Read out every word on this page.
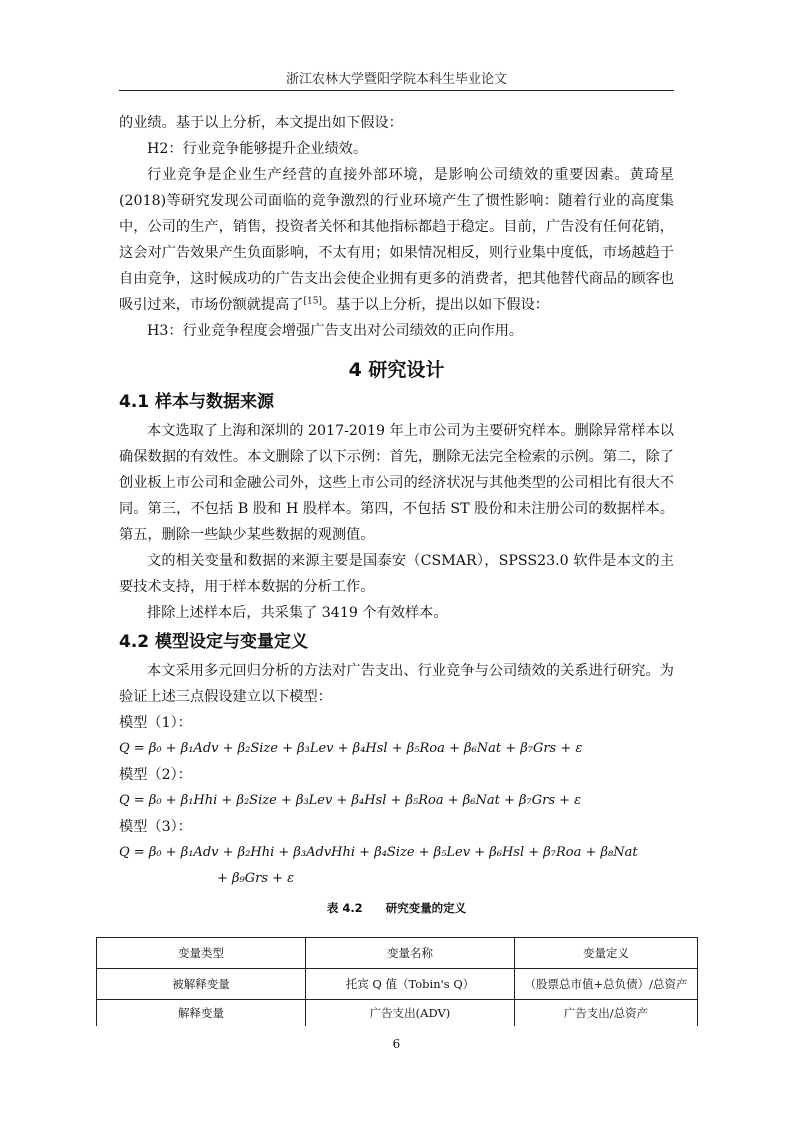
浙江农林大学暨阳学院本科生毕业论文

的业绩。基于以上分析，本文提出如下假设：

H2：行业竞争能够提升企业绩效。

行业竞争是企业生产经营的直接外部环境，是影响公司绩效的重要因素。黄琦星(2018)等研究发现公司面临的竞争激烈的行业环境产生了惯性影响：随着行业的高度集中，公司的生产，销售，投资者关怀和其他指标都趋于稳定。目前，广告没有任何花销，这会对广告效果产生负面影响，不太有用；如果情况相反，则行业集中度低，市场越趋于自由竞争，这时候成功的广告支出会使企业拥有更多的消费者，把其他替代商品的顾客也吸引过来，市场份额就提高了[15]。基于以上分析，提出以如下假设：

H3：行业竞争程度会增强广告支出对公司绩效的正向作用。

4 研究设计
4.1 样本与数据来源

本文选取了上海和深圳的 2017-2019 年上市公司为主要研究样本。删除异常样本以确保数据的有效性。本文删除了以下示例：首先，删除无法完全检索的示例。第二，除了创业板上市公司和金融公司外，这些上市公司的经济状况与其他类型的公司相比有很大不同。第三，不包括 B 股和 H 股样本。第四，不包括 ST 股份和未注册公司的数据样本。第五，删除一些缺少某些数据的观测值。

文的相关变量和数据的来源主要是国泰安（CSMAR），SPSS23.0 软件是本文的主要技术支持，用于样本数据的分析工作。

排除上述样本后，共采集了 3419 个有效样本。

4.2 模型设定与变量定义

本文采用多元回归分析的方法对广告支出、行业竞争与公司绩效的关系进行研究。为验证上述三点假设建立以下模型：

模型（1）：

Q = β₀ + β₁Adv + β₂Size + β₃Lev + β₄Hsl + β₅Roa + β₆Nat + β₇Grs + ε

模型（2）：

Q = β₀ + β₁Hhi + β₂Size + β₃Lev + β₄Hsl + β₅Roa + β₆Nat + β₇Grs + ε

模型（3）：

Q = β₀ + β₁Adv + β₂Hhi + β₃AdvHhi + β₄Size + β₅Lev + β₆Hsl + β₇Roa + β₈Nat

+ β₉Grs + ε

表 4.2　　研究变量的定义
变量类型	变量名称	变量定义
被解释变量	托宾 Q 值（Tobin's Q）	（股票总市值+总负债）/总资产
解释变量	广告支出(ADV)	广告支出/总资产
6
